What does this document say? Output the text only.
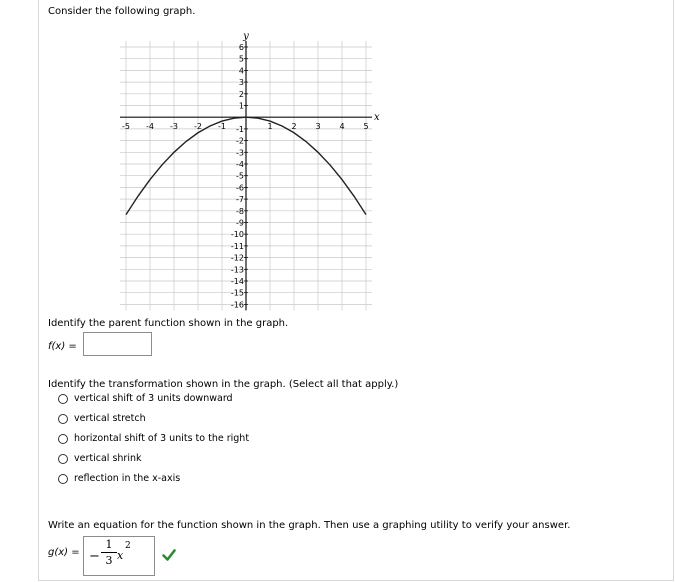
Consider the following graph.
-5 -4 -3 -2 -1	1 2 3 4 5
6
5
4
3
2
1
-1
-2
-3
-4
-5
-6
-7
-8
-9
-10
-11
-12
-13
-14
-15
-16
y
x
Identify the parent function shown in the graph.
f(x) =
Identify the transformation shown in the graph. (Select all that apply.)
vertical shift of 3 units downward
vertical stretch
horizontal shift of 3 units to the right
vertical shrink
reflection in the x-axis
Write an equation for the function shown in the graph. Then use a graphing utility to verify your answer.
g(x) = −
1
3 x
2
